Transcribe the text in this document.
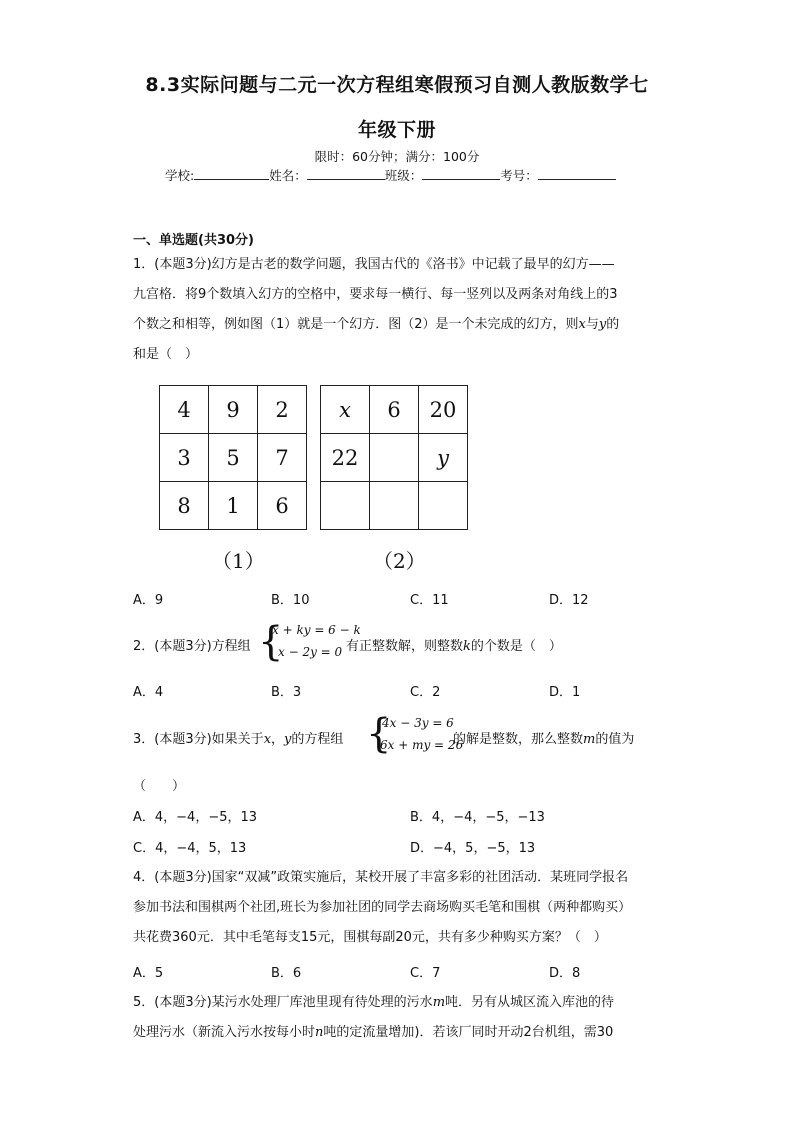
8.3实际问题与二元一次方程组寒假预习自测人教版数学七
年级下册
限时：60分钟；满分：100分
学校:	姓名：	班级：	考号：
一、单选题(共30分)
1．(本题3分)幻方是古老的数学问题，我国古代的《洛书》中记载了最早的幻方——
九宫格．将9个数填入幻方的空格中，要求每一横行、每一竖列以及两条对角线上的3
个数之和相等，例如图（1）就是一个幻方．图（2）是一个未完成的幻方，则x与y的
和是（　）
4	9	2
3	5	7
8	1	6
x	6	20
22		y

（1）	（2）
A．9	B．10	C．11	D．12
2．(本题3分)方程组 {
x + ky = 6 − k
x − 2y = 0 有正整数解，则整数k的个数是（　）
A．4	B．3	C．2	D．1
3．(本题3分)如果关于x，y的方程组 {
4x − 3y = 6
6x + my = 26
的解是整数，那么整数m的值为
（　　）
A．4，−4，−5，13	B．4，−4，−5，−13
C．4，−4，5，13	D．−4，5，−5，13
4．(本题3分)国家“双减”政策实施后，某校开展了丰富多彩的社团活动．某班同学报名
参加书法和围棋两个社团,班长为参加社团的同学去商场购买毛笔和围棋（两种都购买）
共花费360元．其中毛笔每支15元，围棋每副20元，共有多少种购买方案？（　）
A．5	B．6	C．7	D．8
5．(本题3分)某污水处理厂库池里现有待处理的污水m吨．另有从城区流入库池的待
处理污水（新流入污水按每小时n吨的定流量增加)．若该厂同时开动2台机组，需30
